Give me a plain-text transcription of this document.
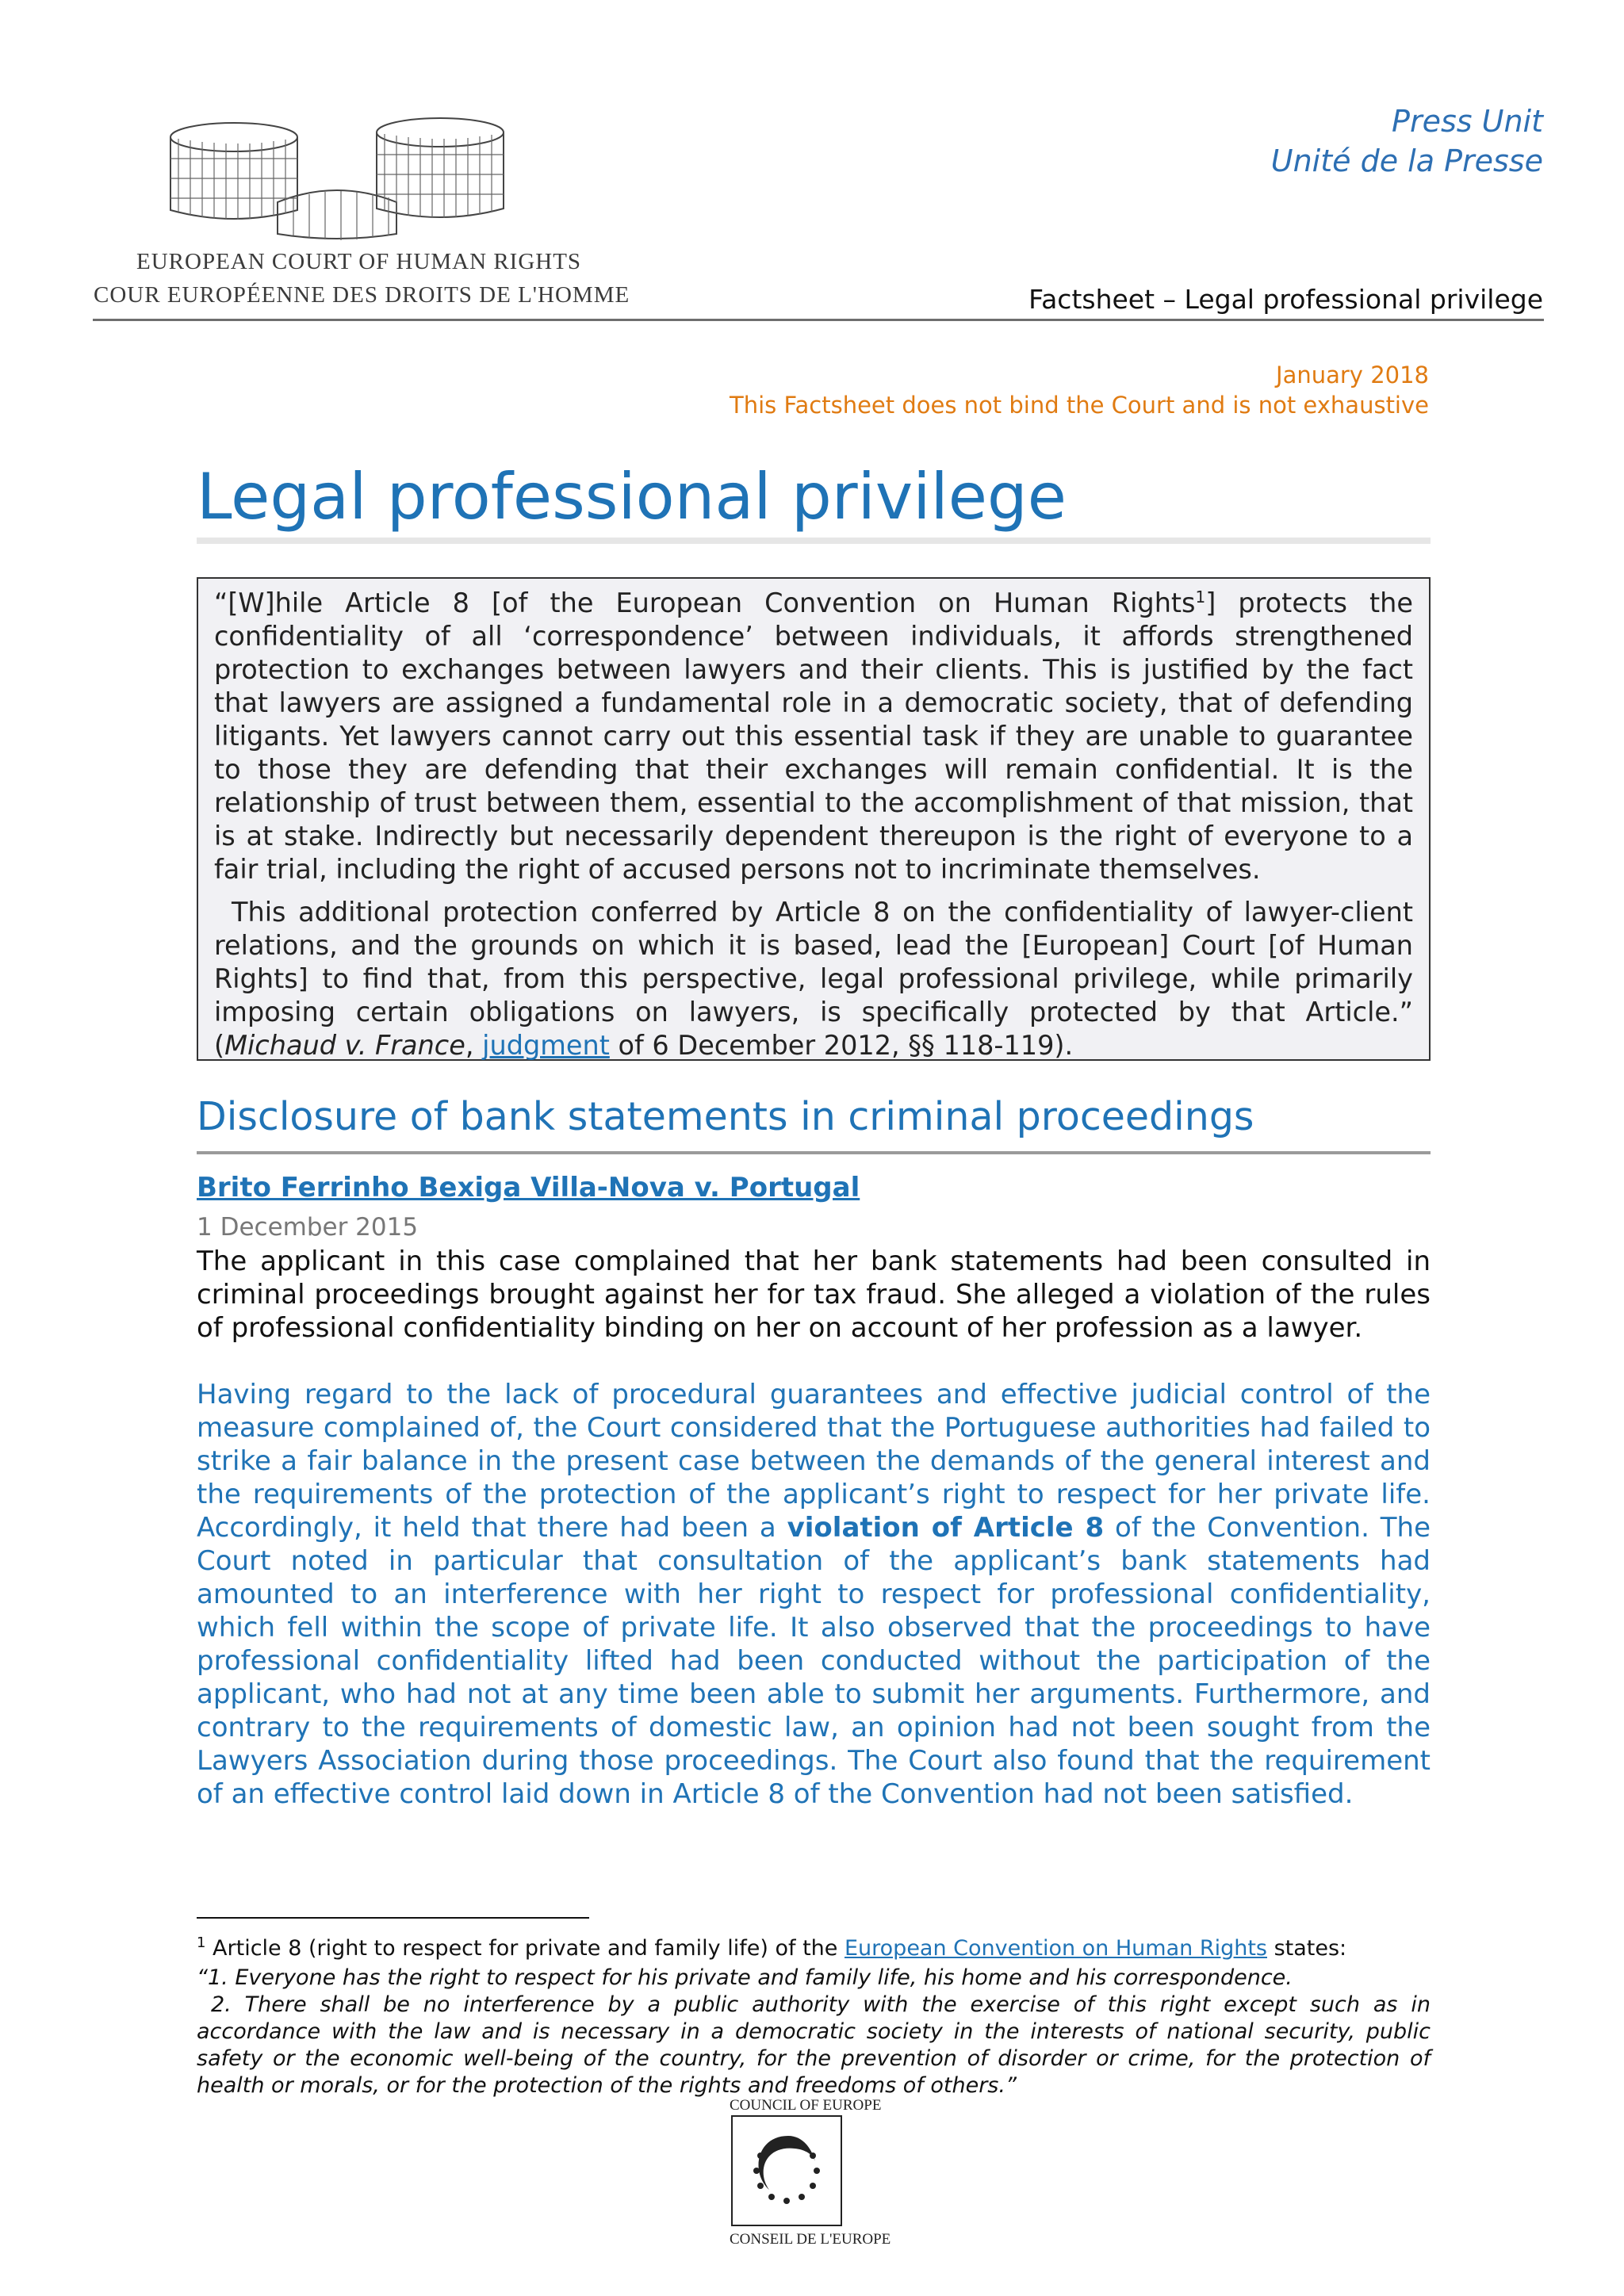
EUROPEAN COURT OF HUMAN RIGHTS
COUR EUROPÉENNE DES DROITS DE L'HOMME
Press Unit
Unité de la Presse
Factsheet – Legal professional privilege
January 2018
This Factsheet does not bind the Court and is not exhaustive
Legal professional privilege

“[W]hile Article 8 [of the European Convention on Human Rights$^1$] protects the confidentiality of all ‘correspondence’ between individuals, it affords strengthened protection to exchanges between lawyers and their clients. This is justified by the fact that lawyers are assigned a fundamental role in a democratic society, that of defending litigants. Yet lawyers cannot carry out this essential task if they are unable to guarantee to those they are defending that their exchanges will remain confidential. It is the relationship of trust between them, essential to the accomplishment of that mission, that is at stake. Indirectly but necessarily dependent thereupon is the right of everyone to a fair trial, including the right of accused persons not to incriminate themselves.

This additional protection conferred by Article 8 on the confidentiality of lawyer-client relations, and the grounds on which it is based, lead the [European] Court [of Human Rights] to find that, from this perspective, legal professional privilege, while primarily imposing certain obligations on lawyers, is specifically protected by that Article.” (Michaud v. France, judgment of 6 December 2012, §§ 118-119).

Disclosure of bank statements in criminal proceedings
Brito Ferrinho Bexiga Villa-Nova v. Portugal
1 December 2015

The applicant in this case complained that her bank statements had been consulted in criminal proceedings brought against her for tax fraud. She alleged a violation of the rules of professional confidentiality binding on her on account of her profession as a lawyer.

Having regard to the lack of procedural guarantees and effective judicial control of the measure complained of, the Court considered that the Portuguese authorities had failed to strike a fair balance in the present case between the demands of the general interest and the requirements of the protection of the applicant’s right to respect for her private life. Accordingly, it held that there had been a violation of Article 8 of the Convention. The Court noted in particular that consultation of the applicant’s bank statements had amounted to an interference with her right to respect for professional confidentiality, which fell within the scope of private life. It also observed that the proceedings to have professional confidentiality lifted had been conducted without the participation of the applicant, who had not at any time been able to submit her arguments. Furthermore, and contrary to the requirements of domestic law, an opinion had not been sought from the Lawyers Association during those proceedings. The Court also found that the requirement of an effective control laid down in Article 8 of the Convention had not been satisfied.

$^1$ Article 8 (right to respect for private and family life) of the European Convention on Human Rights states:

“1. Everyone has the right to respect for his private and family life, his home and his correspondence.
2. There shall be no interference by a public authority with the exercise of this right except such as in accordance with the law and is necessary in a democratic society in the interests of national security, public safety or the economic well-being of the country, for the prevention of disorder or crime, for the protection of health or morals, or for the protection of the rights and freedoms of others.”

COUNCIL OF EUROPE
CONSEIL DE L'EUROPE
